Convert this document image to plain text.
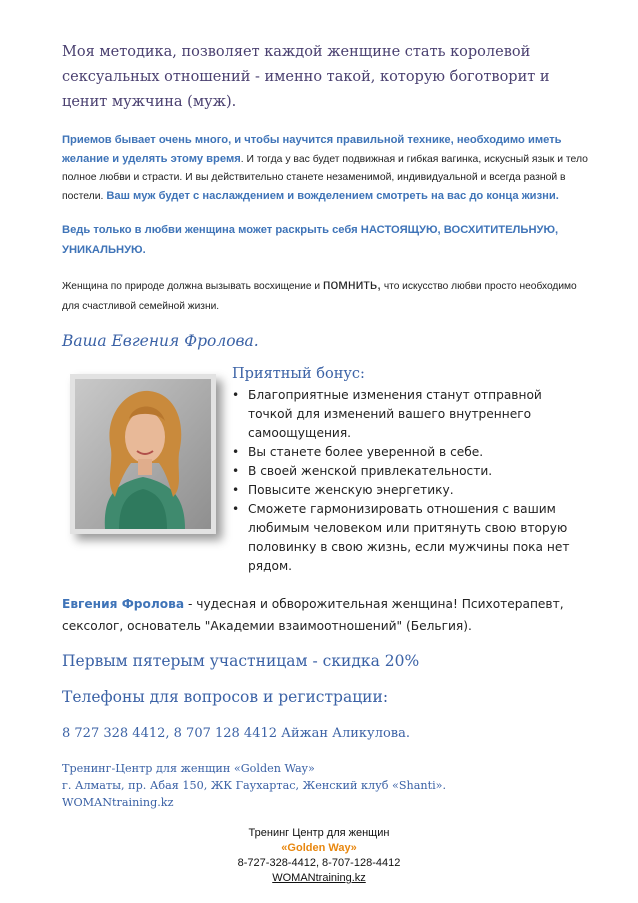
Моя методика, позволяет каждой женщине стать королевой сексуальных отношений - именно такой, которую боготворит и ценит мужчина (муж).

Приемов бывает очень много, и чтобы научится правильной технике, необходимо иметь желание и уделять этому время. И тогда у вас будет подвижная и гибкая вагинка, искусный язык и тело полное любви и страсти. И вы действительно станете незаменимой, индивидуальной и всегда разной в постели. Ваш муж будет с наслаждением и вожделением смотреть на вас до конца жизни.

Ведь только в любви женщина может раскрыть себя НАСТОЯЩУЮ, ВОСХИТИТЕЛЬНУЮ, УНИКАЛЬНУЮ.

Женщина по природе должна вызывать восхищение и помнить, что искусство любви просто необходимо для счастливой семейной жизни.

Ваша Евгения Фролова.

Приятный бонус:

• Благоприятные изменения станут отправной точкой для изменений вашего внутреннего самоощущения.
• Вы станете более уверенной в себе.
• В своей женской привлекательности.
• Повысите женскую энергетику.
• Сможете гармонизировать отношения с вашим любимым человеком или притянуть свою вторую половинку в свою жизнь, если мужчины пока нет рядом.

Евгения Фролова - чудесная и обворожительная женщина! Психотерапевт, сексолог, основатель "Академии взаимоотношений" (Бельгия).

Первым пятерым участницам - скидка 20%

Телефоны для вопросов и регистрации:

8 727 328 4412, 8 707 128 4412 Айжан Аликулова.

Тренинг-Центр для женщин «Golden Way»
г. Алматы, пр. Абая 150, ЖК Гаухартас, Женский клуб «Shanti».
WOMANtraining.kz
Тренинг Центр для женщин
«Golden Way»
8-727-328-4412, 8-707-128-4412
WOMANtraining.kz
